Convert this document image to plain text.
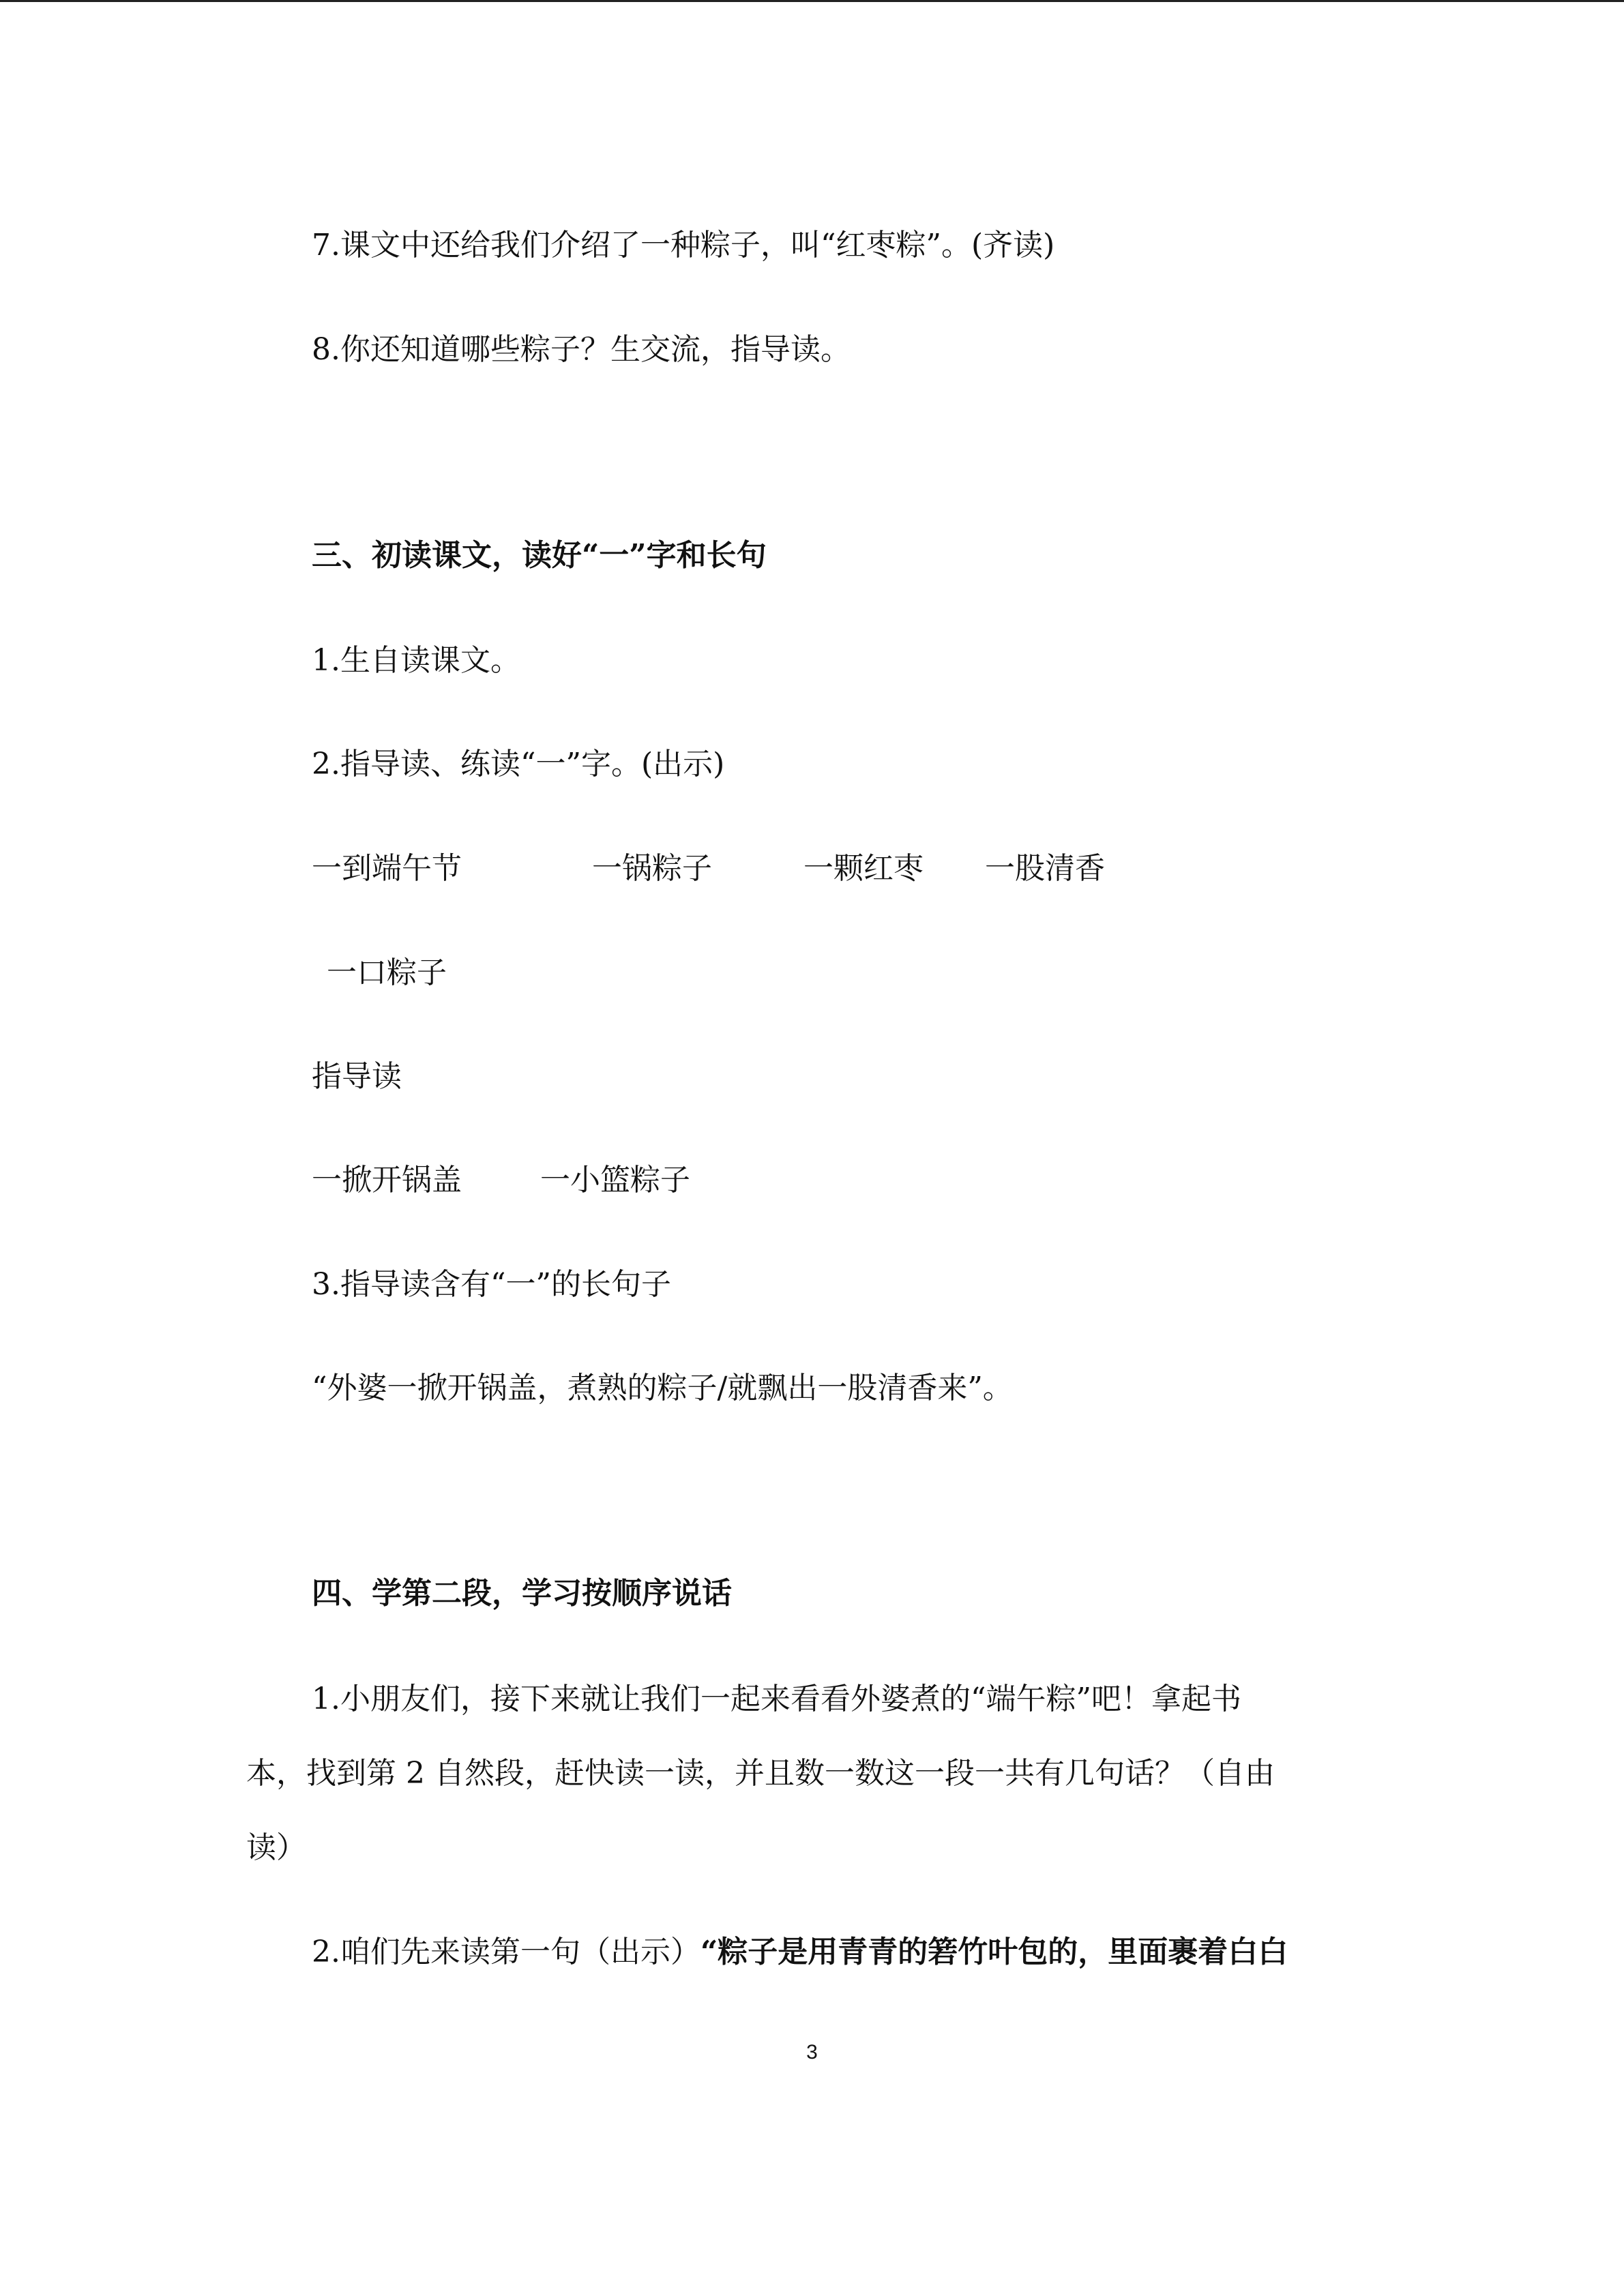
7.课文中还给我们介绍了一种粽子，叫“红枣粽”。(齐读)
8.你还知道哪些粽子？生交流，指导读。
三、初读课文，读好“一”字和长句
1.生自读课文。
2.指导读、练读“一”字。(出示)
一到端午节	一锅粽子	一颗红枣 一股清香
一口粽子
指导读
一掀开锅盖	一小篮粽子
3.指导读含有“一”的长句子
“外婆一掀开锅盖，煮熟的粽子/就飘出一股清香来”。
四、学第二段，学习按顺序说话
1.小朋友们，接下来就让我们一起来看看外婆煮的“端午粽”吧！拿起书
本，找到第 2 自然段，赶快读一读，并且数一数这一段一共有几句话？（自由
读）
2.咱们先来读第一句（出示）“粽子是用青青的箬竹叶包的，里面裹着白白
3
